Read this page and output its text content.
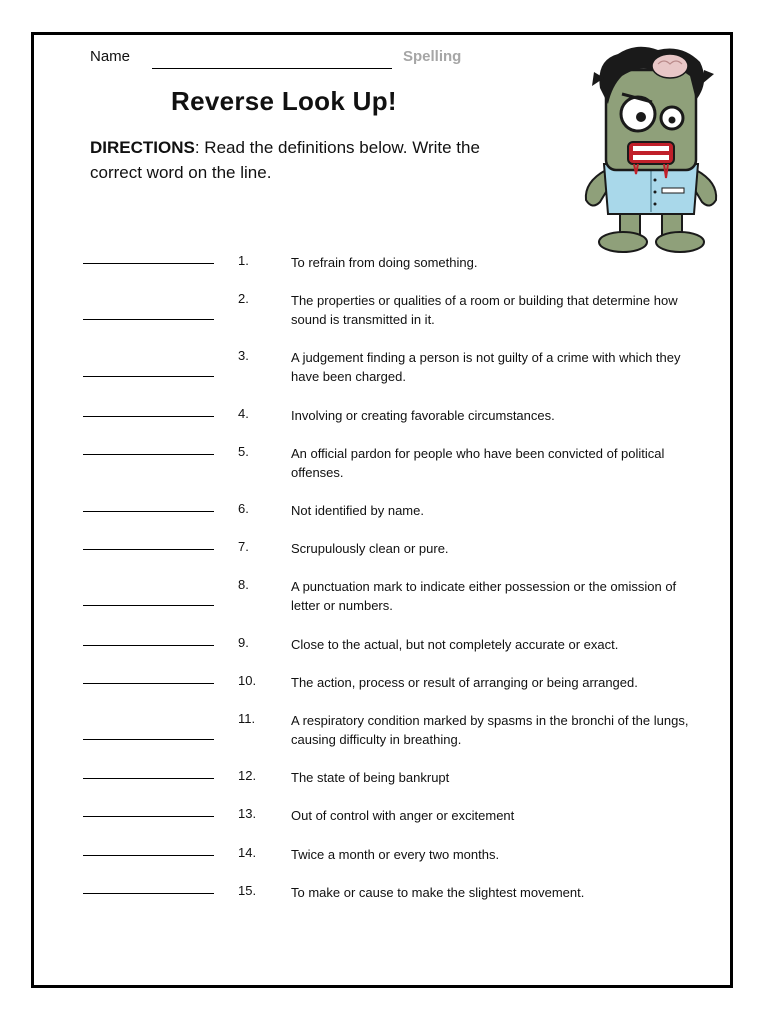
Name	Spelling
Reverse Look Up!
DIRECTIONS: Read the definitions below. Write the correct word on the line.
1.	To refrain from doing something.
2.	The properties or qualities of a room or building that determine how sound is transmitted in it.
3.	A judgement finding a person is not guilty of a crime with which they have been charged.
4.	Involving or creating favorable circumstances.
5.	An official pardon for people who have been convicted of political offenses.
6.	Not identified by name.
7.	Scrupulously clean or pure.
8.	A punctuation mark to indicate either possession or the omission of letter or numbers.
9.	Close to the actual, but not completely accurate or exact.
10.	The action, process or result of arranging or being arranged.
11.	A respiratory condition marked by spasms in the bronchi of the lungs, causing difficulty in breathing.
12.	The state of being bankrupt
13.	Out of control with anger or excitement
14.	Twice a month or every two months.
15.	To make or cause to make the slightest movement.
